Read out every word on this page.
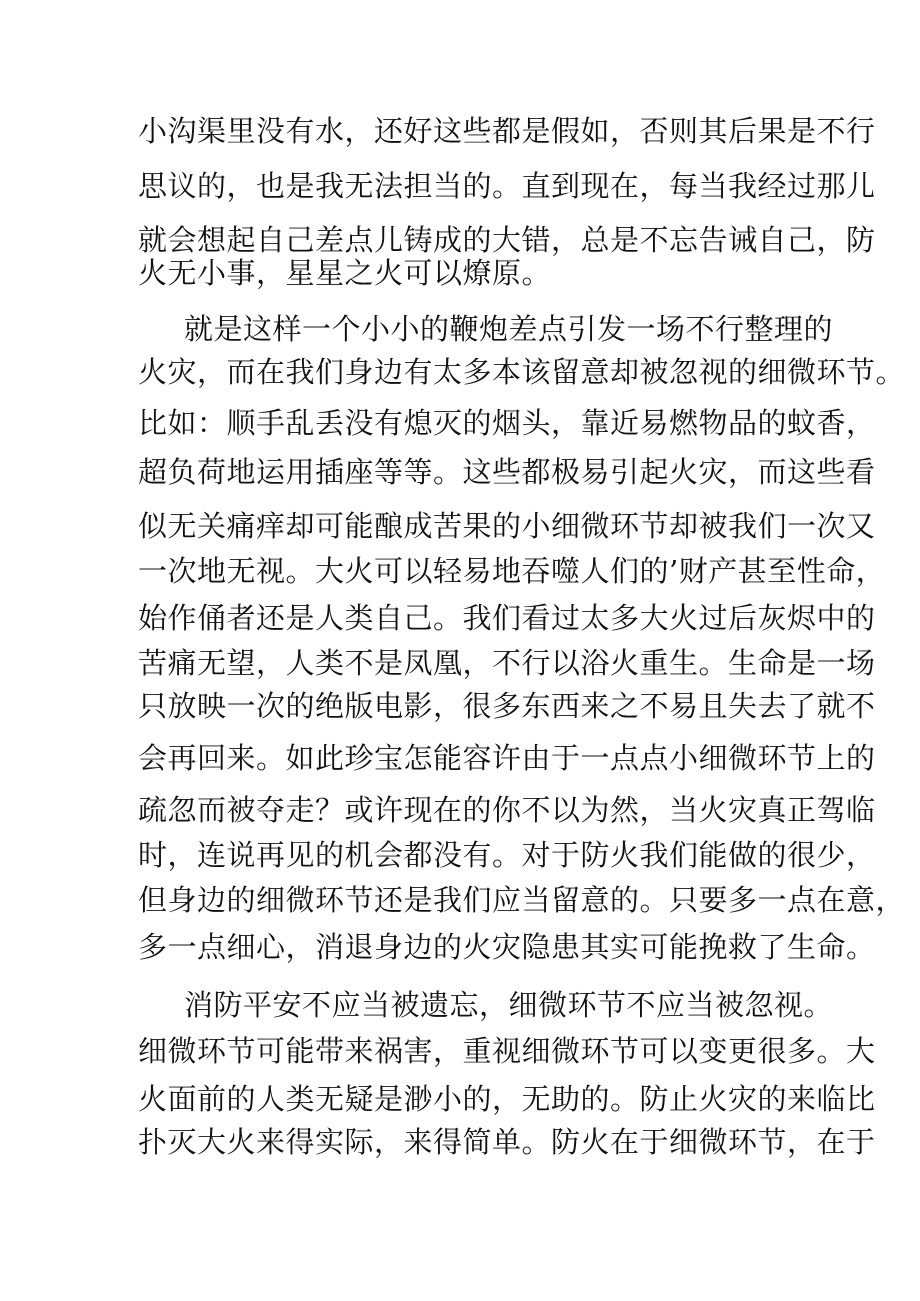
小沟渠里没有水，还好这些都是假如，否则其后果是不行
思议的，也是我无法担当的。直到现在，每当我经过那儿
就会想起自己差点儿铸成的大错，总是不忘告诫自己，防
火无小事，星星之火可以燎原。
就是这样一个小小的鞭炮差点引发一场不行整理的
火灾，而在我们身边有太多本该留意却被忽视的细微环节。
比如：顺手乱丢没有熄灭的烟头，靠近易燃物品的蚊香，
超负荷地运用插座等等。这些都极易引起火灾，而这些看
似无关痛痒却可能酿成苦果的小细微环节却被我们一次又
一次地无视。大火可以轻易地吞噬人们的’财产甚至性命，
始作俑者还是人类自己。我们看过太多大火过后灰烬中的
苦痛无望，人类不是凤凰，不行以浴火重生。生命是一场
只放映一次的绝版电影，很多东西来之不易且失去了就不
会再回来。如此珍宝怎能容许由于一点点小细微环节上的
疏忽而被夺走？或许现在的你不以为然，当火灾真正驾临
时，连说再见的机会都没有。对于防火我们能做的很少，
但身边的细微环节还是我们应当留意的。只要多一点在意，
多一点细心，消退身边的火灾隐患其实可能挽救了生命。
消防平安不应当被遗忘，细微环节不应当被忽视。
细微环节可能带来祸害，重视细微环节可以变更很多。大
火面前的人类无疑是渺小的，无助的。防止火灾的来临比
扑灭大火来得实际，来得简单。防火在于细微环节，在于
